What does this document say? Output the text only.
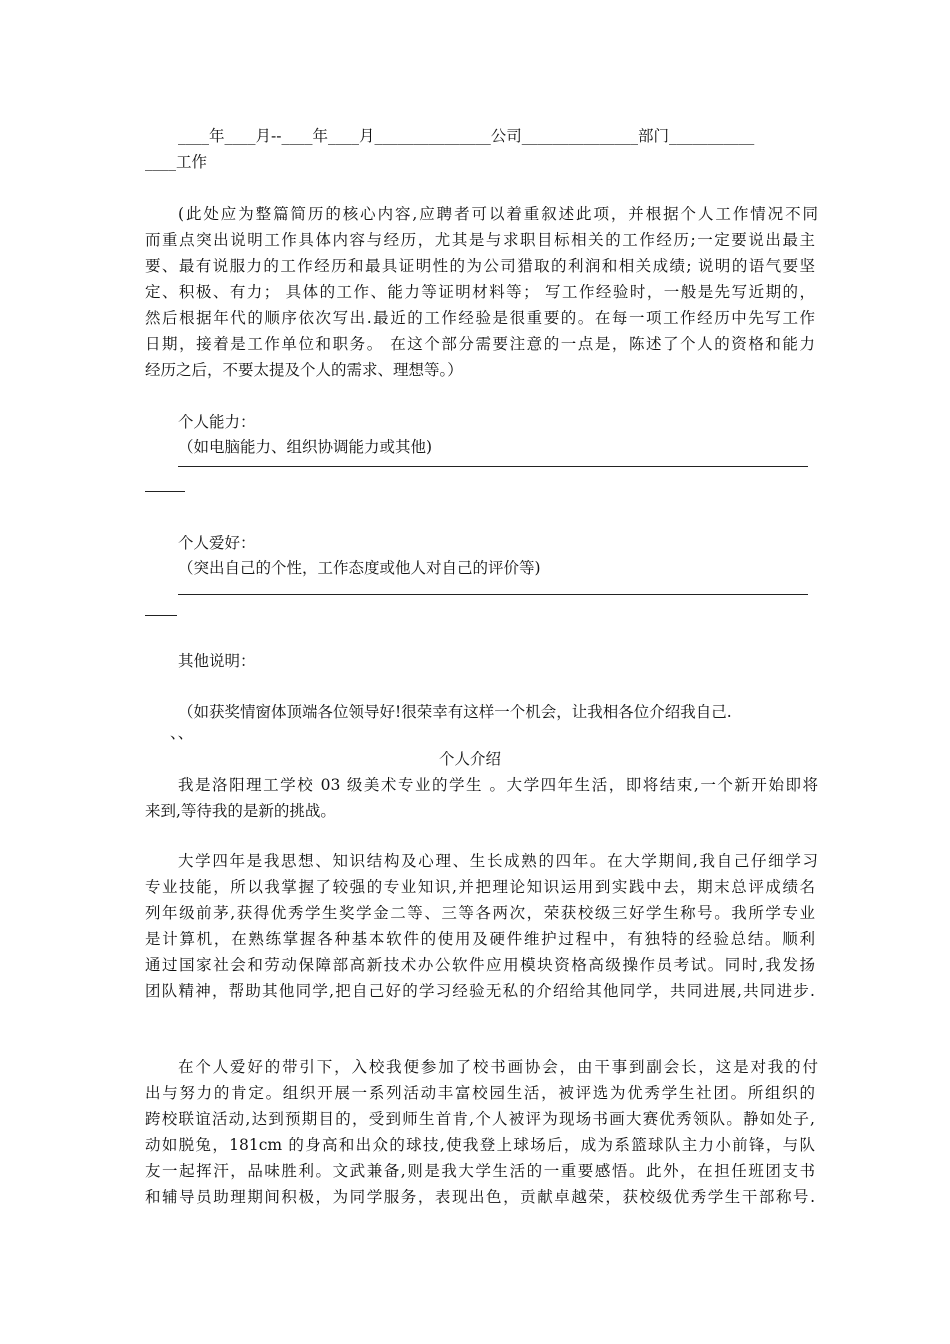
____年____月--____年____月_______________公司_______________部门___________
____工作
(此处应为整篇简历的核心内容,应聘者可以着重叙述此项，并根据个人工作情况不同
而重点突出说明工作具体内容与经历，尤其是与求职目标相关的工作经历;一定要说出最主
要、最有说服力的工作经历和最具证明性的为公司猎取的利润和相关成绩; 说明的语气要坚
定、积极、有力； 具体的工作、能力等证明材料等； 写工作经验时，一般是先写近期的，
然后根据年代的顺序依次写出.最近的工作经验是很重要的。在每一项工作经历中先写工作
日期，接着是工作单位和职务。 在这个部分需要注意的一点是，陈述了个人的资格和能力
经历之后，不要太提及个人的需求、理想等。）
个人能力：
（如电脑能力、组织协调能力或其他)
个人爱好：
（突出自己的个性，工作态度或他人对自己的评价等)
其他说明：
（如获奖情窗体顶端各位领导好!很荣幸有这样一个机会，让我相各位介绍我自己.
、、
个人介绍
我是洛阳理工学校 03 级美术专业的学生 。大学四年生活，即将结束,一个新开始即将
来到,等待我的是新的挑战。
大学四年是我思想、知识结构及心理、生长成熟的四年。在大学期间,我自己仔细学习
专业技能，所以我掌握了较强的专业知识,并把理论知识运用到实践中去，期末总评成绩名
列年级前茅,获得优秀学生奖学金二等、三等各两次，荣获校级三好学生称号。我所学专业
是计算机，在熟练掌握各种基本软件的使用及硬件维护过程中，有独特的经验总结。顺利
通过国家社会和劳动保障部高新技术办公软件应用模块资格高级操作员考试。同时,我发扬
团队精神，帮助其他同学,把自己好的学习经验无私的介绍给其他同学，共同进展,共同进步.
在个人爱好的带引下，入校我便参加了校书画协会，由干事到副会长，这是对我的付
出与努力的肯定。组织开展一系列活动丰富校园生活，被评选为优秀学生社团。所组织的
跨校联谊活动,达到预期目的，受到师生首肯,个人被评为现场书画大赛优秀领队。静如处子,
动如脱兔，181cm 的身高和出众的球技,使我登上球场后，成为系篮球队主力小前锋，与队
友一起挥汗，品味胜利。文武兼备,则是我大学生活的一重要感悟。此外，在担任班团支书
和辅导员助理期间积极，为同学服务，表现出色，贡献卓越荣，获校级优秀学生干部称号.
